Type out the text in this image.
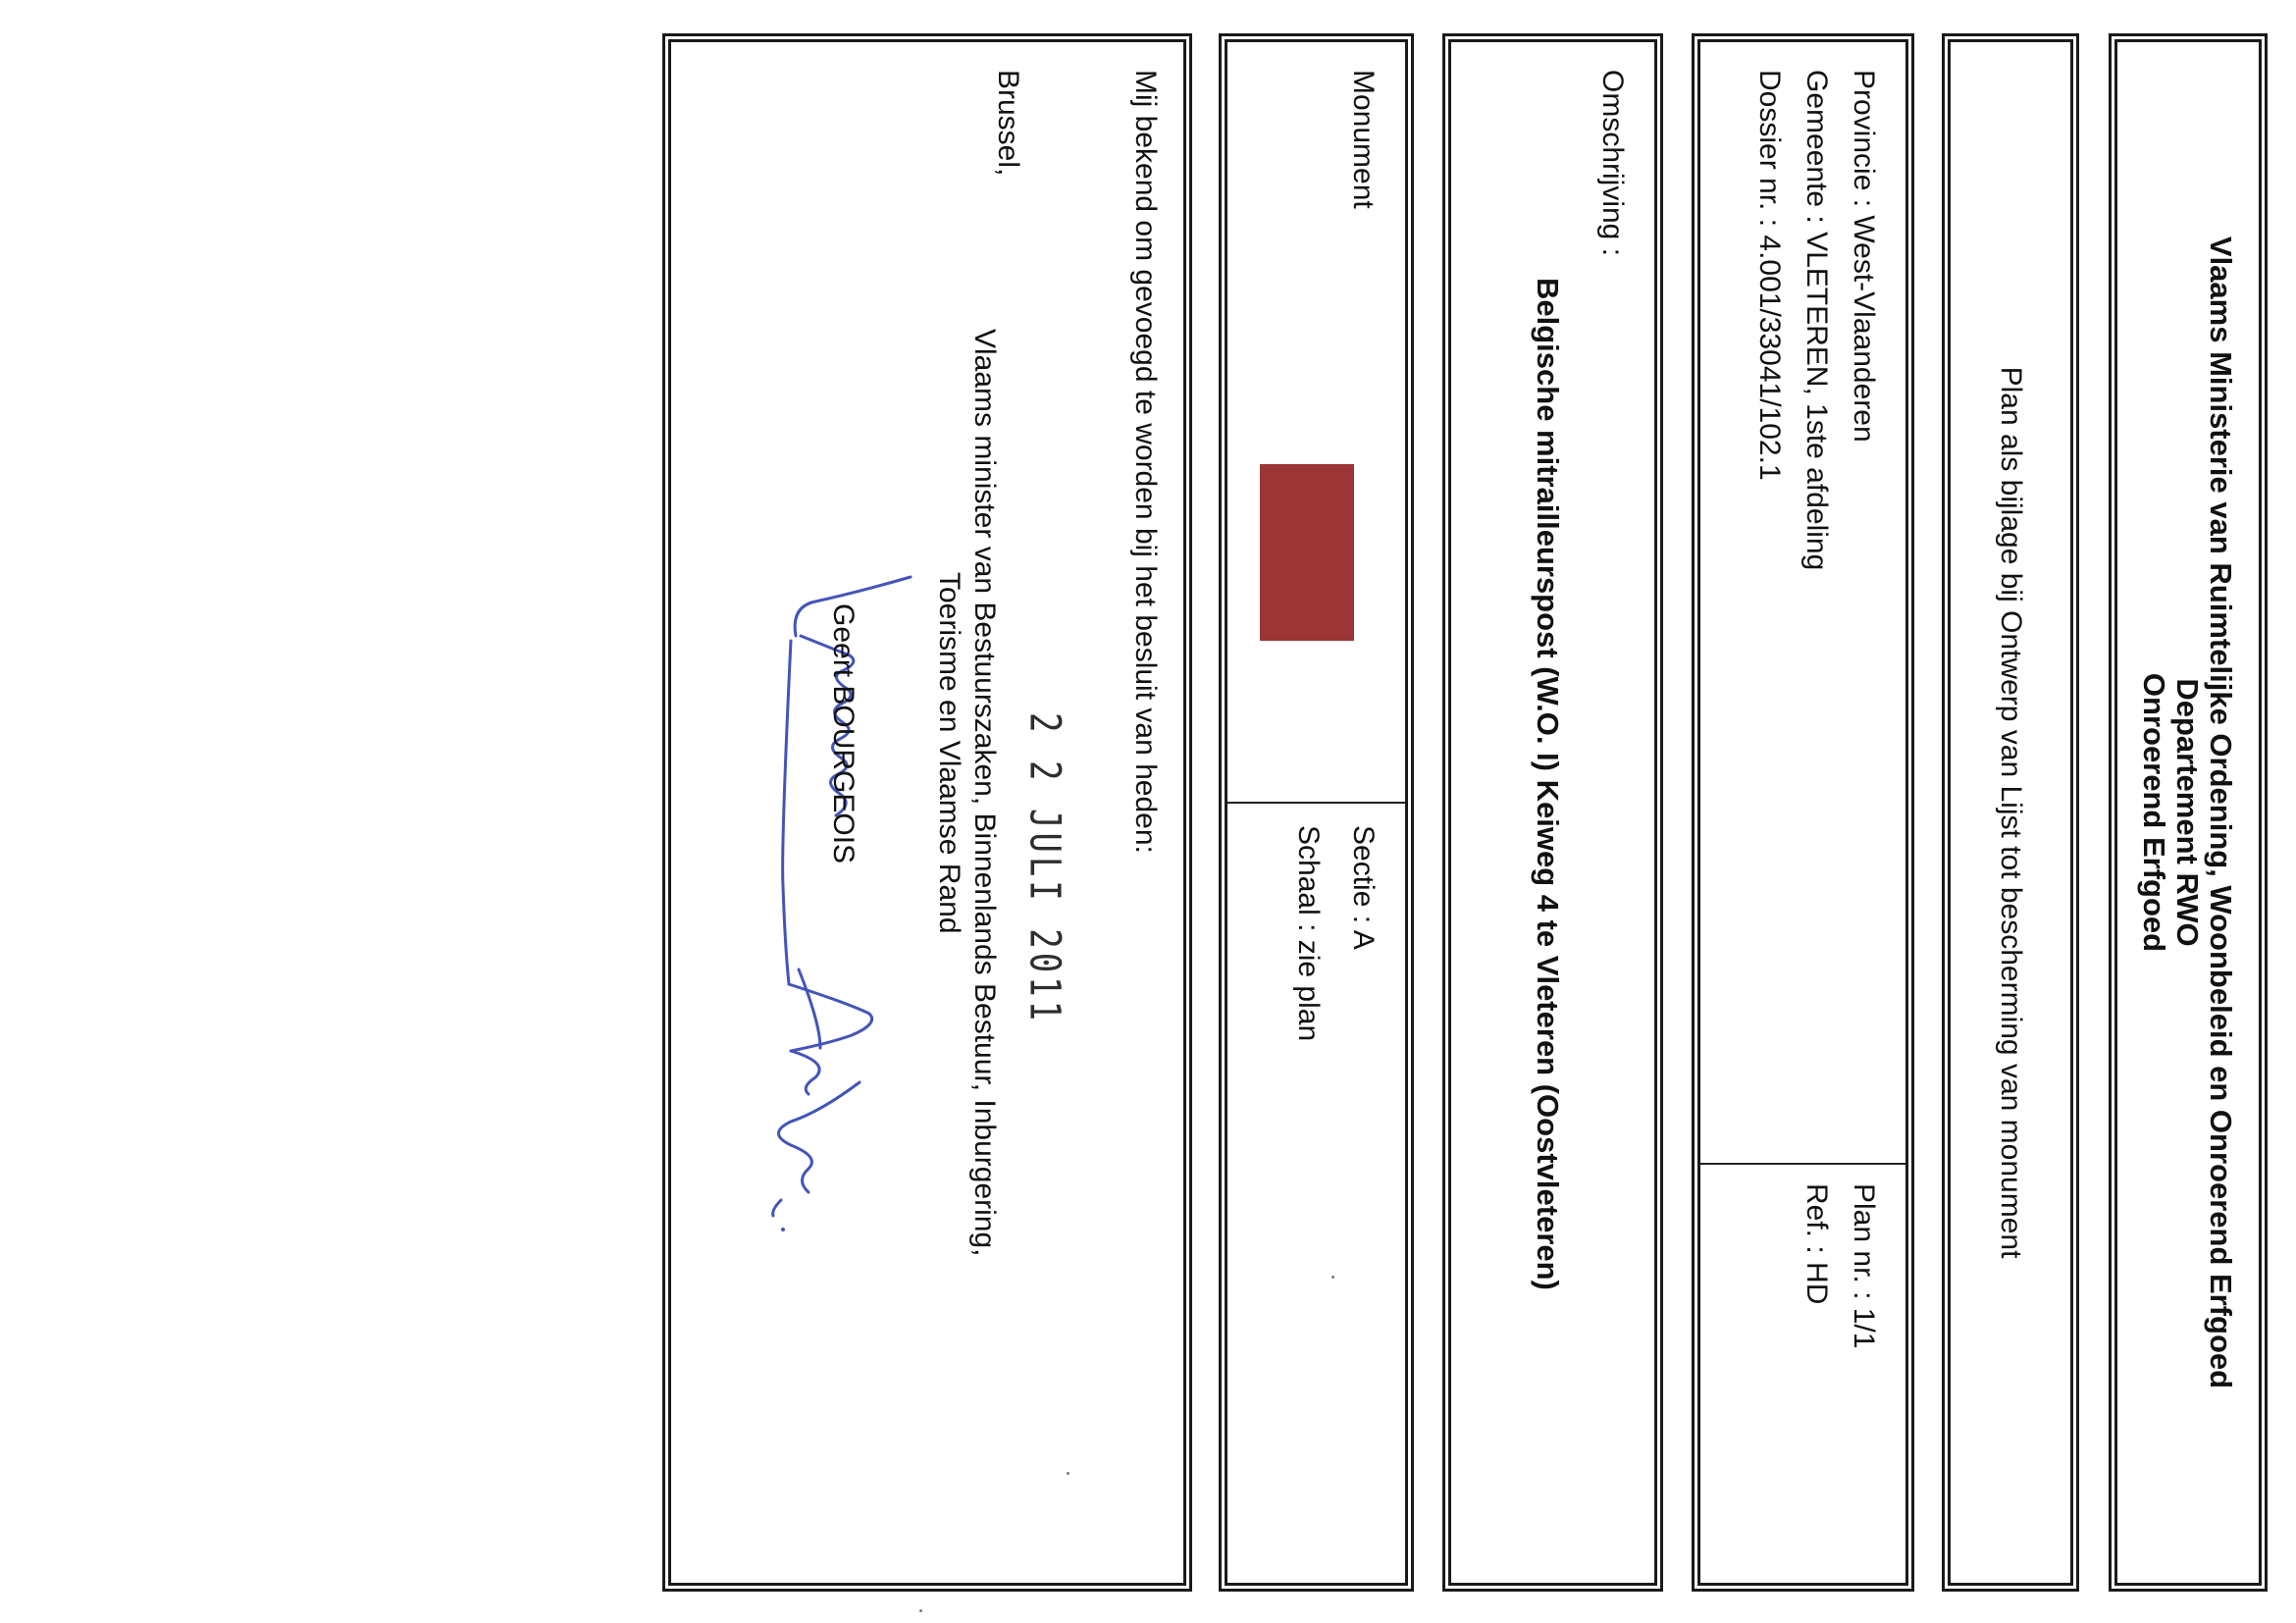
Vlaams Ministerie van Ruimtelijke Ordening, Woonbeleid en Onroerend Erfgoed
Departement RWO
Onroerend Erfgoed
Plan als bijlage bij Ontwerp van Lijst tot bescherming van monument
Provincie : West-Vlaanderen
Gemeente : VLETEREN, 1ste afdeling
Dossier nr. : 4.001/33041/102.1
Plan nr. : 1/1
Ref. : HD
Omschrijving :
Belgische mitrailleurspost (W.O. I) Keiweg 4 te Vleteren (Oostvleteren)
Monument
Sectie : A
Schaal : zie plan
Mij bekend om gevoegd te worden bij het besluit van heden:
2 2 JULI 2011
Brussel,
Vlaams minister van Bestuurszaken, Binnenlands Bestuur, Inburgering,
Toerisme en Vlaamse Rand
Geert BOURGEOIS
